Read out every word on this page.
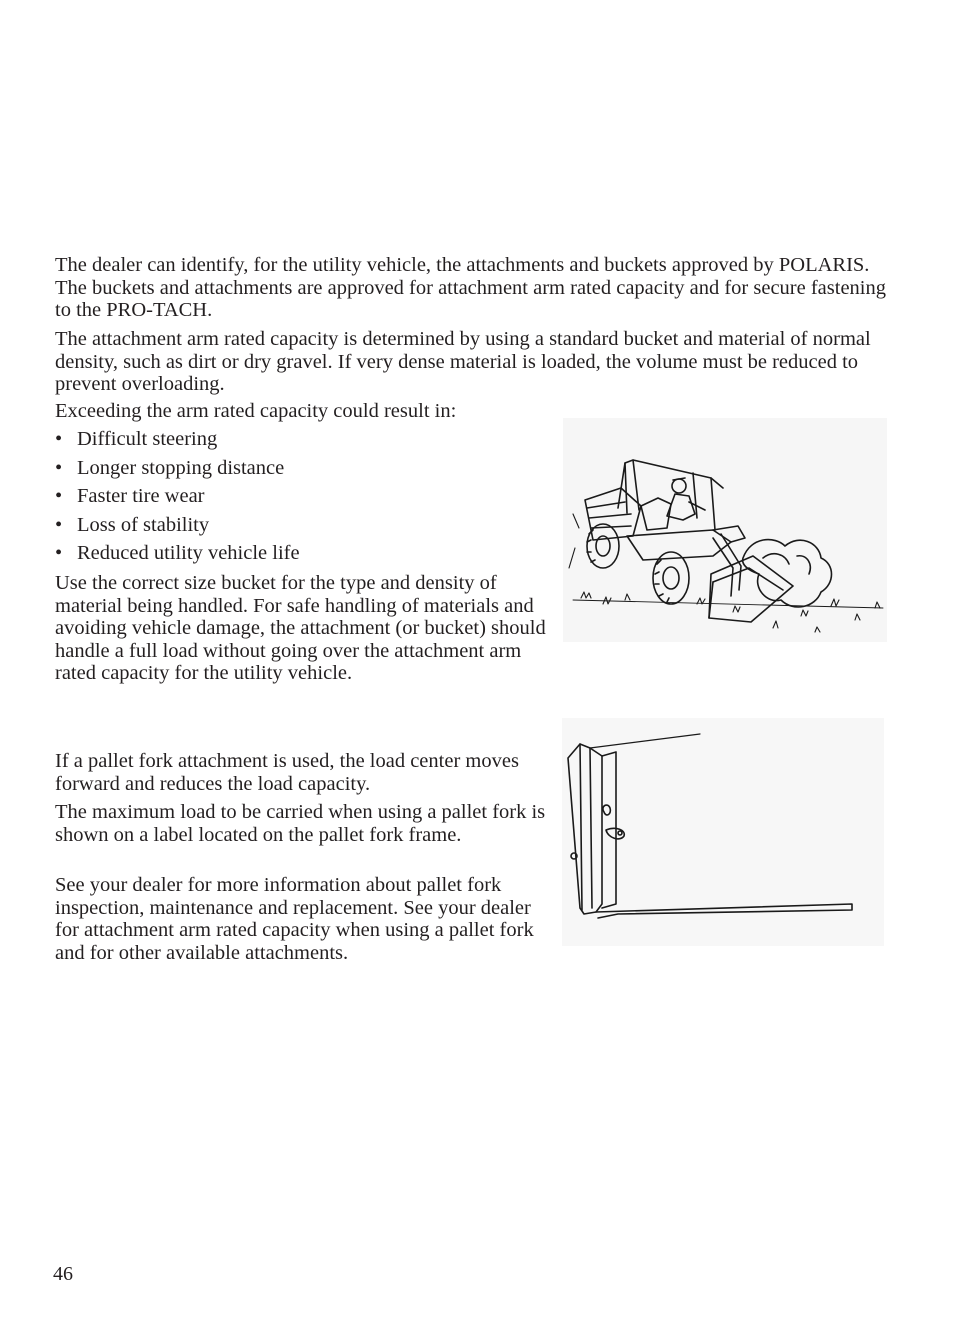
The dealer can identify, for the utility vehicle, the attachments and buckets approved by POLARIS. The buckets and attachments are approved for attachment arm rated capacity and for secure fastening to the PRO-TACH.

The attachment arm rated capacity is determined by using a standard bucket and material of normal density, such as dirt or dry gravel. If very dense material is loaded, the volume must be reduced to prevent overloading.

Exceeding the arm rated capacity could result in:

• Difficult steering
• Longer stopping distance
• Faster tire wear
• Loss of stability
• Reduced utility vehicle life

Use the correct size bucket for the type and density of material being handled. For safe handling of materials and avoiding vehicle damage, the attachment (or bucket) should handle a full load without going over the attachment arm rated capacity for the utility vehicle.

If a pallet fork attachment is used, the load center moves forward and reduces the load capacity.

The maximum load to be carried when using a pallet fork is shown on a label located on the pallet fork frame.

See your dealer for more information about pallet fork inspection, maintenance and replacement. See your dealer for attachment arm rated capacity when using a pallet fork and for other available attachments.

46
